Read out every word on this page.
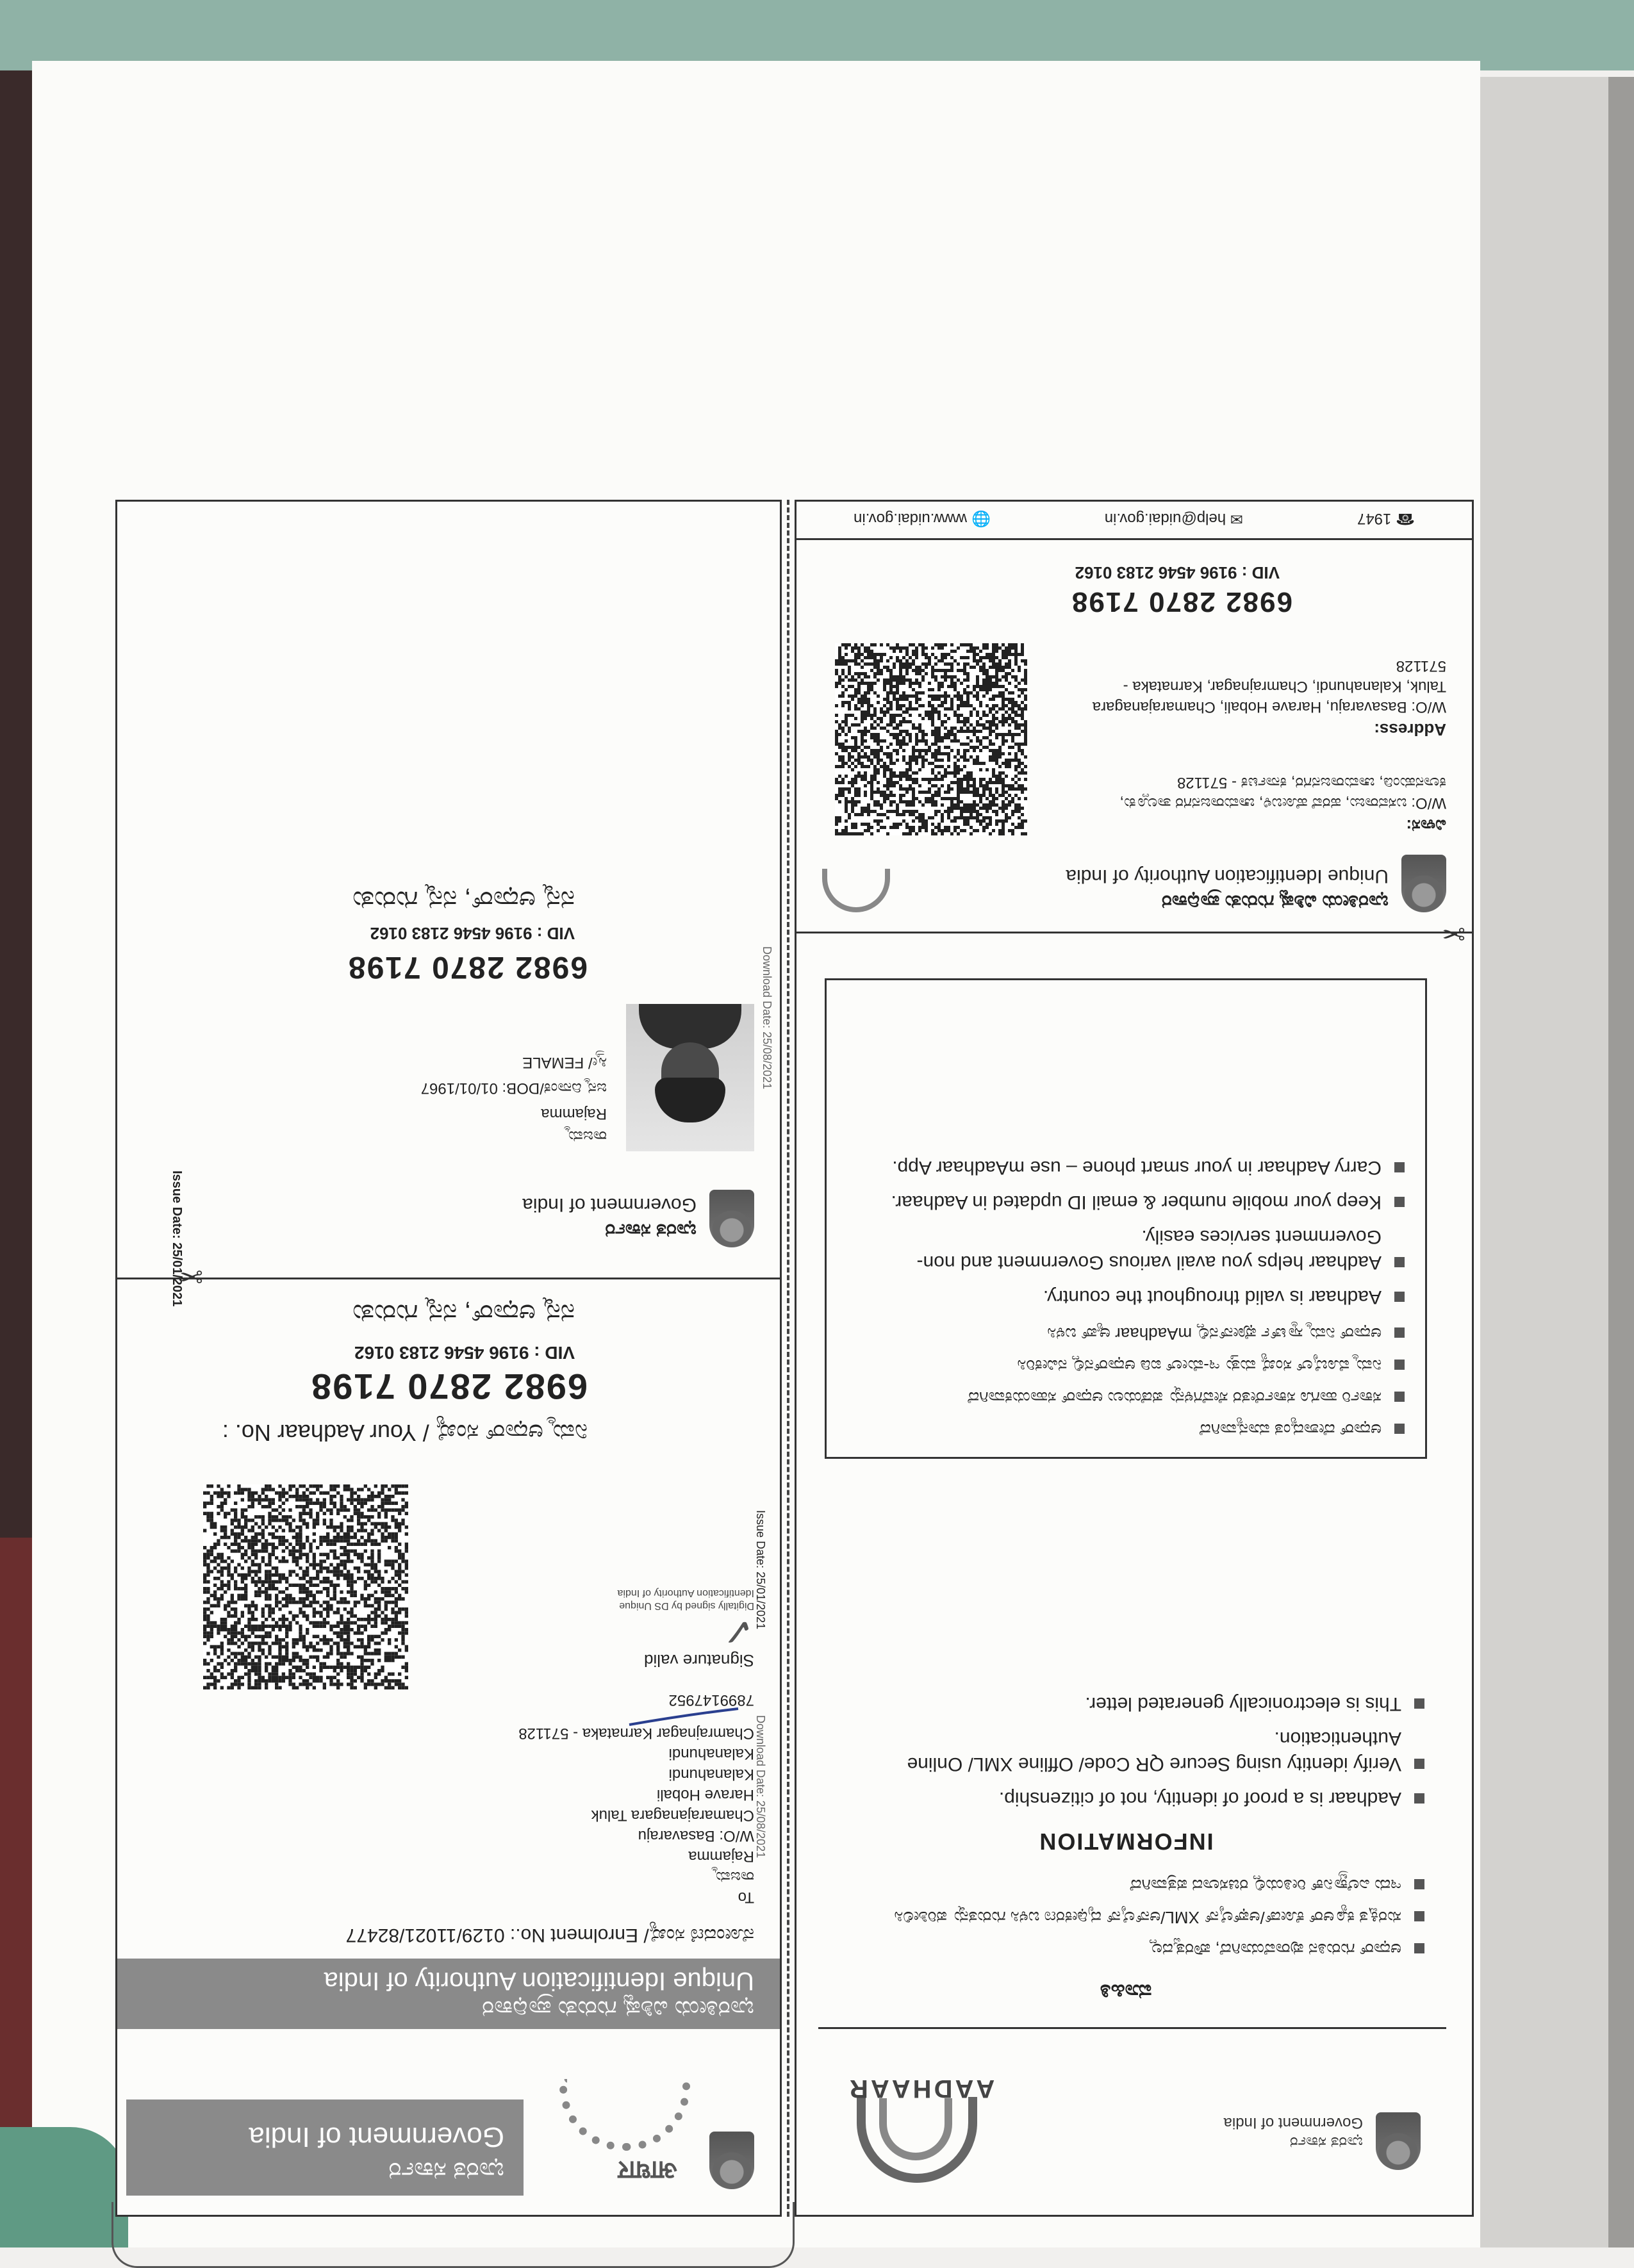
ಭಾರತ ಸರ್ಕಾರ
Government of India
AADHAAR
ಮಾಹಿತಿ
ಆಧಾರ್ ಗುರುತಿನ ಪುರಾವೆಯಾಗಿದೆ, ಪೌರತ್ವದಲ್ಲ
ಸುರಕ್ಷಿತ ಕ್ಯೂಆರ್ ಕೋಡ್/ಆಫ್‌ಲೈನ್ XML/ಆನ್‌ಲೈನ್ ದೃಢೀಕರಣ ಬಳಸಿ ಗುರುತನ್ನು ಪರಿಶೀಲಿಸಿ
ಇದು ಎಲೆಕ್ಟ್ರಾನಿಕ್ ರೀತಿಯಲ್ಲಿ ರಚಿಸಲಾದ ಪತ್ರವಾಗಿದೆ
INFORMATION
Aadhaar is a proof of identity, not of citizenship.
Verify identity using Secure QR Code/ Offline XML/ Online Authentication.
This is electronically generated letter.
ಆಧಾರ್ ದೇಶಾದ್ಯಂತ ಮಾನ್ಯವಾಗಿದೆ
ಸರ್ಕಾರಿ ಹಾಗೂ ಸರ್ಕಾರೇತರ ಸೇವೆಗಳನ್ನು ಪಡೆಯಲು ಆಧಾರ್ ಸಹಾಯಕವಾಗಿದೆ
ನಿಮ್ಮ ಮೊಬೈಲ್ ಸಂಖ್ಯೆ ಮತ್ತು ಇ-ಮೇಲ್ ಐಡಿ ಆಧಾರ್‌ನಲ್ಲಿ ನವೀಕರಿಸಿ
ಆಧಾರ್ ನಿಮ್ಮ ಸ್ಮಾರ್ಟ್ ಫೋನ್‌ನಲ್ಲಿ mAadhaar ಆ್ಯಪ್ ಬಳಸಿ
Aadhaar is valid throughout the country.
Aadhaar helps you avail various Government and non-Government services easily.
Keep your mobile number & email ID updated in Aadhaar.
Carry Aadhaar in your smart phone – use mAadhaar App.
✂
ಭಾರತೀಯ ವಿಶಿಷ್ಟ ಗುರುತು ಪ್ರಾಧಿಕಾರ
Unique Identification Authority of India
ವಿಳಾಸ:
W/O: ಬಸವರಾಜು, ಹರವೆ ಹೋಬಳಿ, ಚಾಮರಾಜನಗರ ತಾಲ್ಲೂಕು, ಕಲಾನಹುಂಡಿ, ಚಾಮರಾಜನಗರ, ಕರ್ನಾಟಕ - 571128
Address:
W/O: Basavaraju, Harave Hobali, Chamarajanagara Taluk, Kalanahundi, Chamrajnagar, Karnataka - 571128
6982 2870 7198
VID : 9196 4546 2183 0162
☎ 1947
✉ help@uidai.gov.in
🌐 www.uidai.gov.in
आधार
ಭಾರತ ಸರ್ಕಾರ
Government of India
ಭಾರತೀಯ ವಿಶಿಷ್ಟ ಗುರುತು ಪ್ರಾಧಿಕಾರ
Unique Identification Authority of India
ನೋಂದಣಿ ಸಂಖ್ಯೆ/ Enrolment No.: 0129/11021/82477
To
ರಾಜಮ್ಮ
Rajamma
W/O: Basavaraju
Chamarajanagara Taluk
Harave Hobali
Kalanahundi
Kalanahundi
Chamrajnagar Karnataka - 571128
7899147952
Signature valid
✓
Digitally signed by DS Unique Identification Authority of India Issue Date: 25/01/2021
Download Date: 25/08/2021
ನಿಮ್ಮ ಆಧಾರ್ ಸಂಖ್ಯೆ / Your Aadhaar No. :
6982 2870 7198
VID : 9196 4546 2183 0162
ನನ್ನ ಆಧಾರ್, ನನ್ನ ಗುರುತು
✂
ಭಾರತ ಸರ್ಕಾರ
Government of India
ರಾಜಮ್ಮ
Rajamma
ಜನ್ಮ ದಿನಾಂಕ/DOB: 01/01/1967
ಸ್ತ್ರೀ/ FEMALE
Issue Date: 25/01/2021
Download Date: 25/08/2021
6982 2870 7198
VID : 9196 4546 2183 0162
ನನ್ನ ಆಧಾರ್, ನನ್ನ ಗುರುತು
